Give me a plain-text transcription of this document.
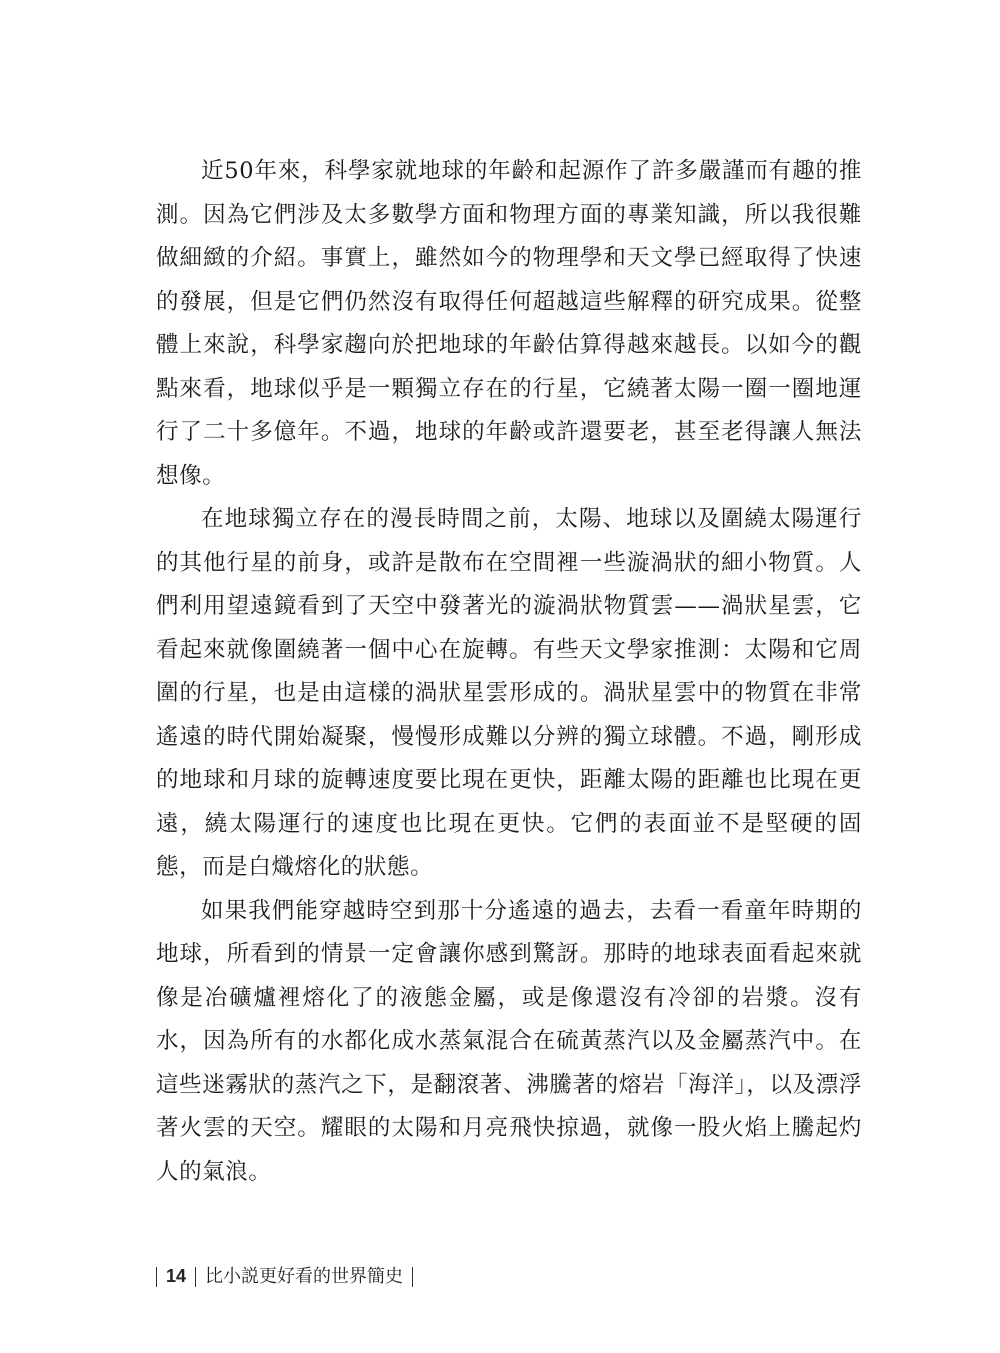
近50年來，科學家就地球的年齡和起源作了許多嚴謹而有趣的推測。因為它們涉及太多數學方面和物理方面的專業知識，所以我很難做細緻的介紹。事實上，雖然如今的物理學和天文學已經取得了快速的發展，但是它們仍然沒有取得任何超越這些解釋的研究成果。從整體上來說，科學家趨向於把地球的年齡估算得越來越長。以如今的觀點來看，地球似乎是一顆獨立存在的行星，它繞著太陽一圈一圈地運行了二十多億年。不過，地球的年齡或許還要老，甚至老得讓人無法想像。

在地球獨立存在的漫長時間之前，太陽、地球以及圍繞太陽運行的其他行星的前身，或許是散布在空間裡一些漩渦狀的細小物質。人們利用望遠鏡看到了天空中發著光的漩渦狀物質雲——渦狀星雲，它看起來就像圍繞著一個中心在旋轉。有些天文學家推測：太陽和它周圍的行星，也是由這樣的渦狀星雲形成的。渦狀星雲中的物質在非常遙遠的時代開始凝聚，慢慢形成難以分辨的獨立球體。不過，剛形成的地球和月球的旋轉速度要比現在更快，距離太陽的距離也比現在更遠，繞太陽運行的速度也比現在更快。它們的表面並不是堅硬的固態，而是白熾熔化的狀態。

如果我們能穿越時空到那十分遙遠的過去，去看一看童年時期的地球，所看到的情景一定會讓你感到驚訝。那時的地球表面看起來就像是冶礦爐裡熔化了的液態金屬，或是像還沒有冷卻的岩漿。沒有水，因為所有的水都化成水蒸氣混合在硫黃蒸汽以及金屬蒸汽中。在這些迷霧狀的蒸汽之下，是翻滾著、沸騰著的熔岩「海洋」，以及漂浮著火雲的天空。耀眼的太陽和月亮飛快掠過，就像一股火焰上騰起灼人的氣浪。

14 比小説更好看的世界簡史
